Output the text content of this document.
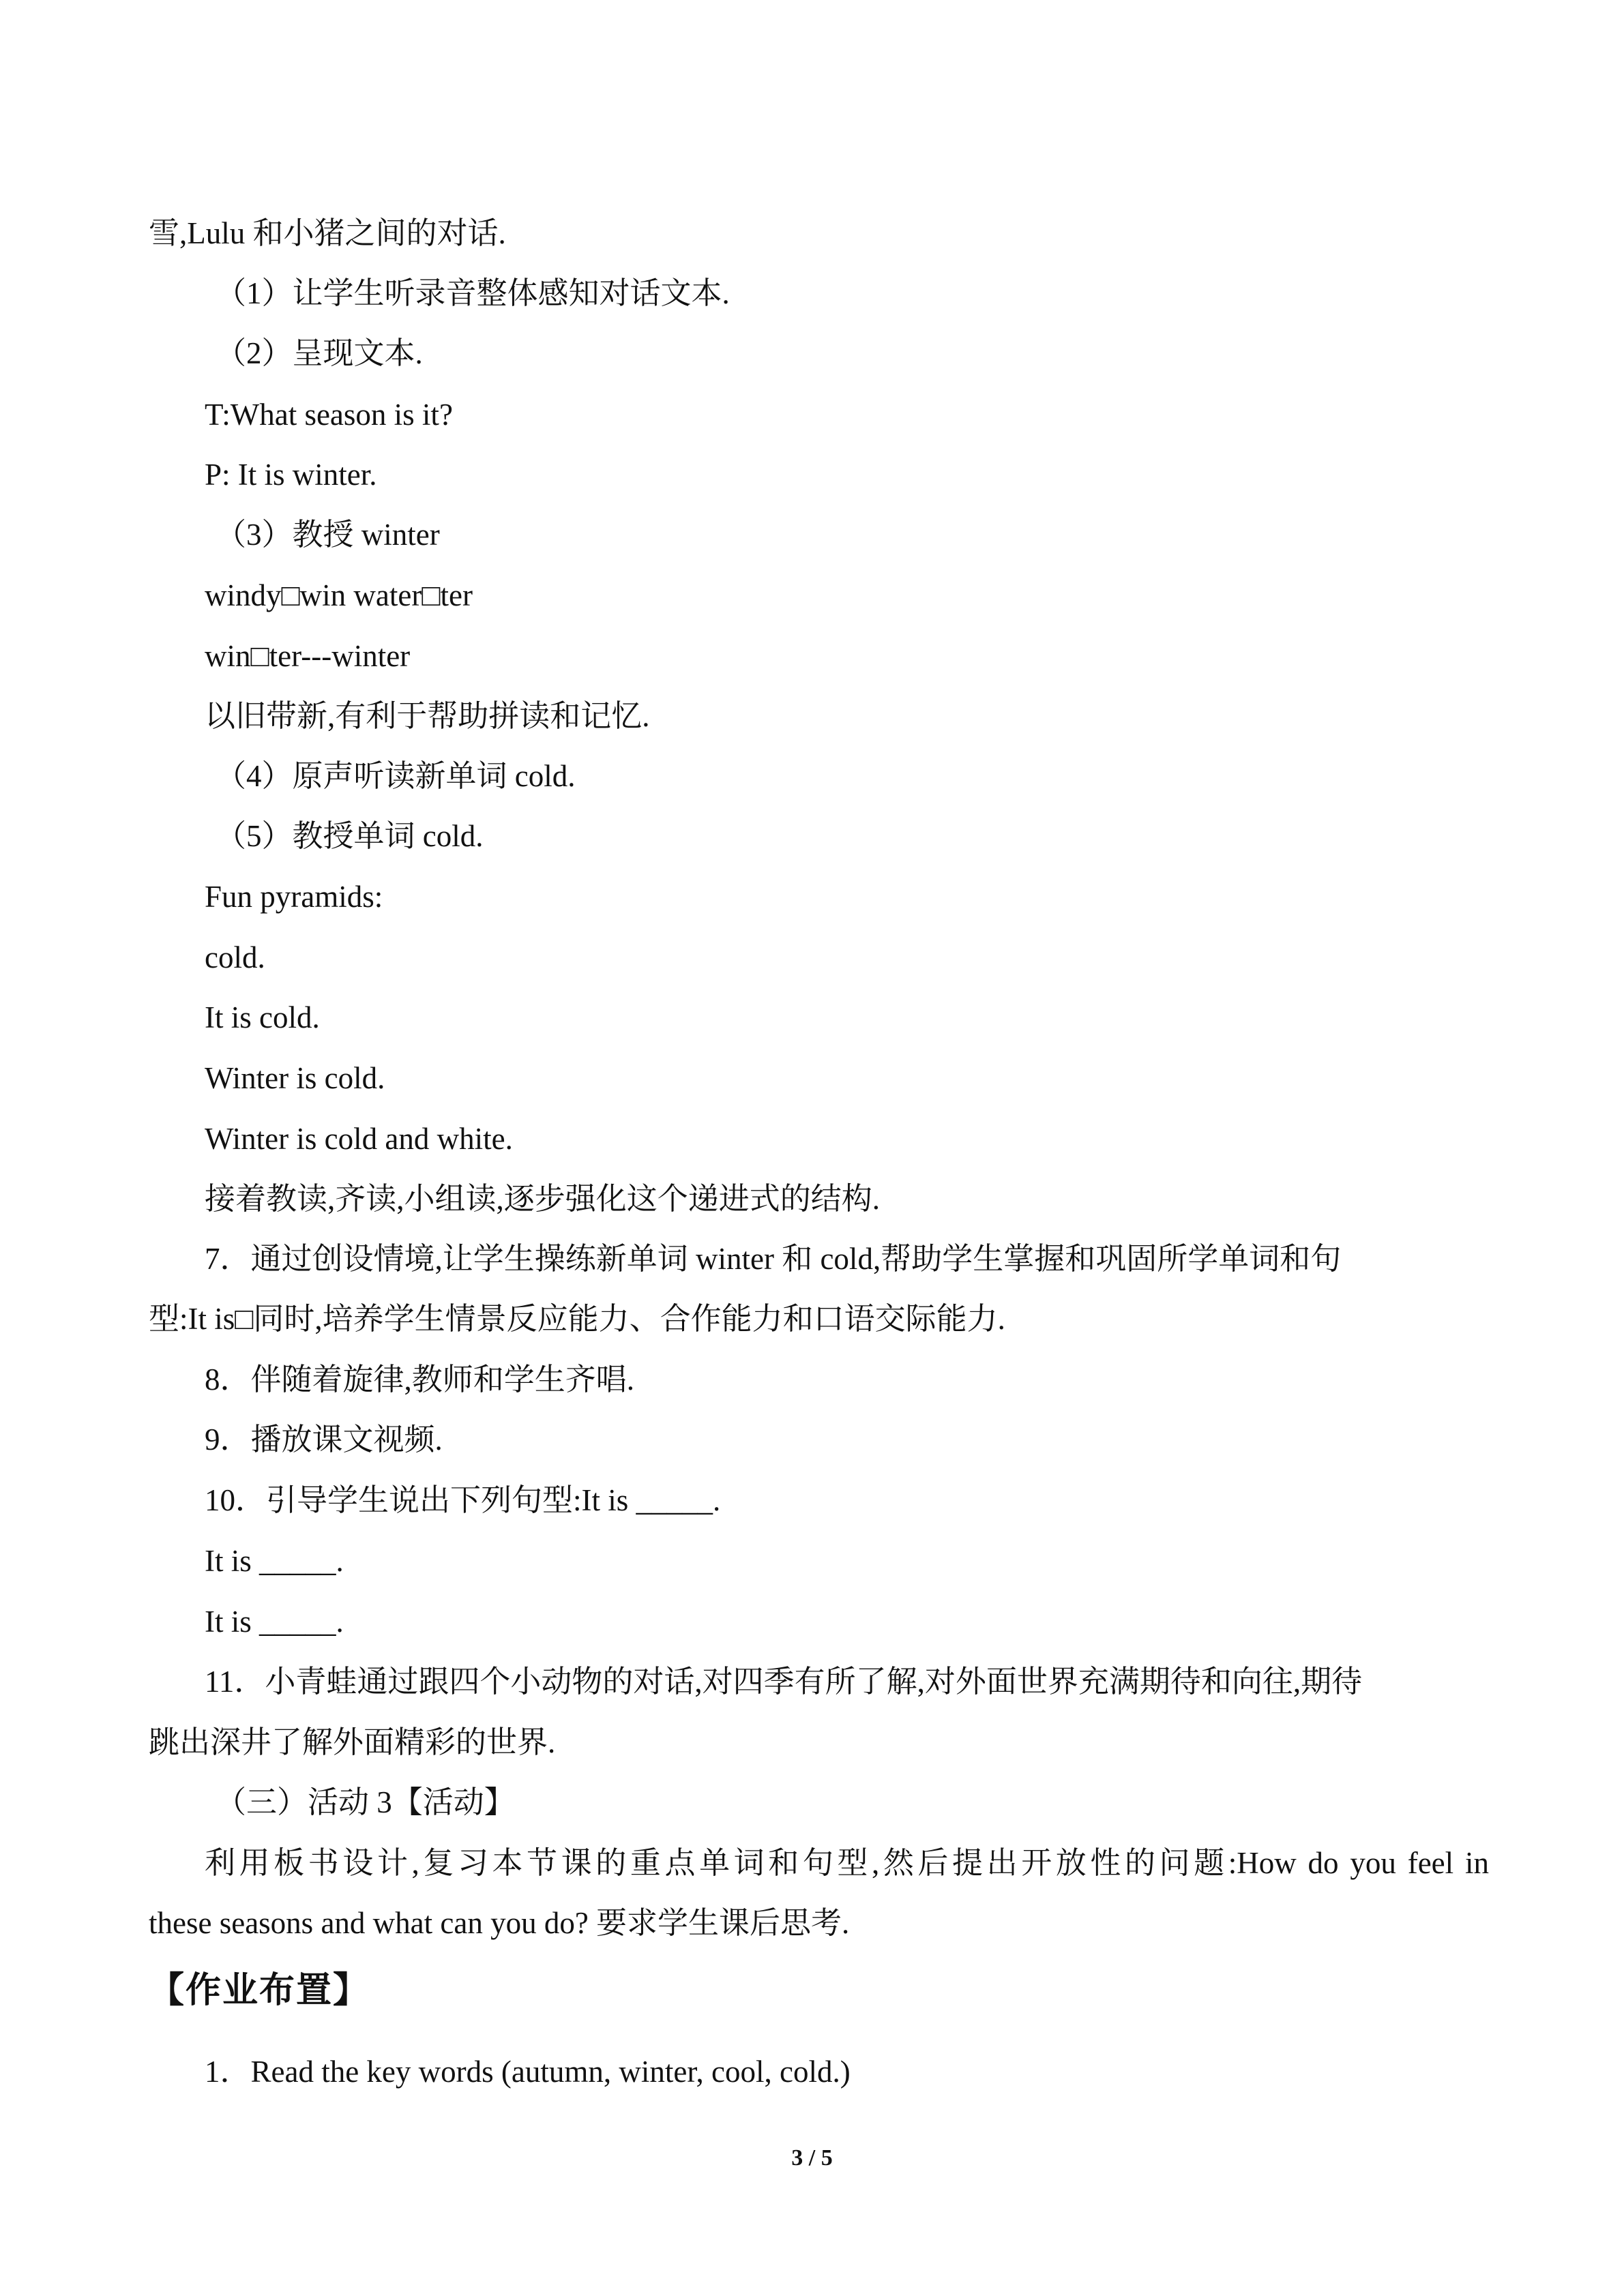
雪,Lulu 和小猪之间的对话.
（1）让学生听录音整体感知对话文本.
（2）呈现文本.
T:What season is it?
P: It is winter.
（3）教授 winter
windy□win water□ter
win□ter---winter
以旧带新,有利于帮助拼读和记忆.
（4）原声听读新单词 cold.
（5）教授单词 cold.
Fun pyramids:
cold.
It is cold.
Winter is cold.
Winter is cold and white.
接着教读,齐读,小组读,逐步强化这个递进式的结构.
7．通过创设情境,让学生操练新单词 winter 和 cold,帮助学生掌握和巩固所学单词和句
型:It is□同时,培养学生情景反应能力、合作能力和口语交际能力.
8．伴随着旋律,教师和学生齐唱.
9．播放课文视频.
10．引导学生说出下列句型:It is _____.
It is _____.
It is _____.
11．小青蛙通过跟四个小动物的对话,对四季有所了解,对外面世界充满期待和向往,期待
跳出深井了解外面精彩的世界.
（三）活动 3【活动】
利用板书设计,复习本节课的重点单词和句型,然后提出开放性的问题:How do you feel in
these seasons and what can you do? 要求学生课后思考.
【作业布置】
1．Read the key words (autumn, winter, cool, cold.)
3 / 5
